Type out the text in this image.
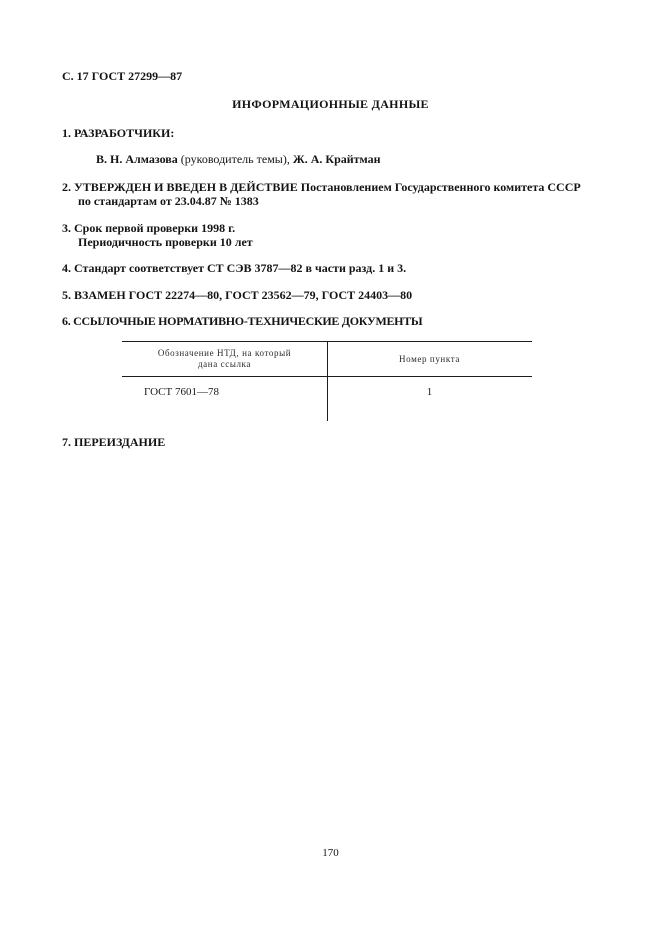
С. 17 ГОСТ 27299—87
ИНФОРМАЦИОННЫЕ ДАННЫЕ
1. РАЗРАБОТЧИКИ:
В. Н. Алмазова (руководитель темы), Ж. А. Крайтман
2. УТВЕРЖДЕН И ВВЕДЕН В ДЕЙСТВИЕ Постановлением Государственного комитета СССР
по стандартам от 23.04.87 № 1383
3. Срок первой проверки 1998 г.
Периодичность проверки 10 лет
4. Стандарт соответствует СТ СЭВ 3787—82 в части разд. 1 и 3.
5. ВЗАМЕН ГОСТ 22274—80, ГОСТ 23562—79, ГОСТ 24403—80
6. ССЫЛОЧНЫЕ НОРМАТИВНО-ТЕХНИЧЕСКИЕ ДОКУМЕНТЫ
Обозначение НТД, на который
дана ссылка	Номер пункта
ГОСТ 7601—78	1
7. ПЕРЕИЗДАНИЕ
170
